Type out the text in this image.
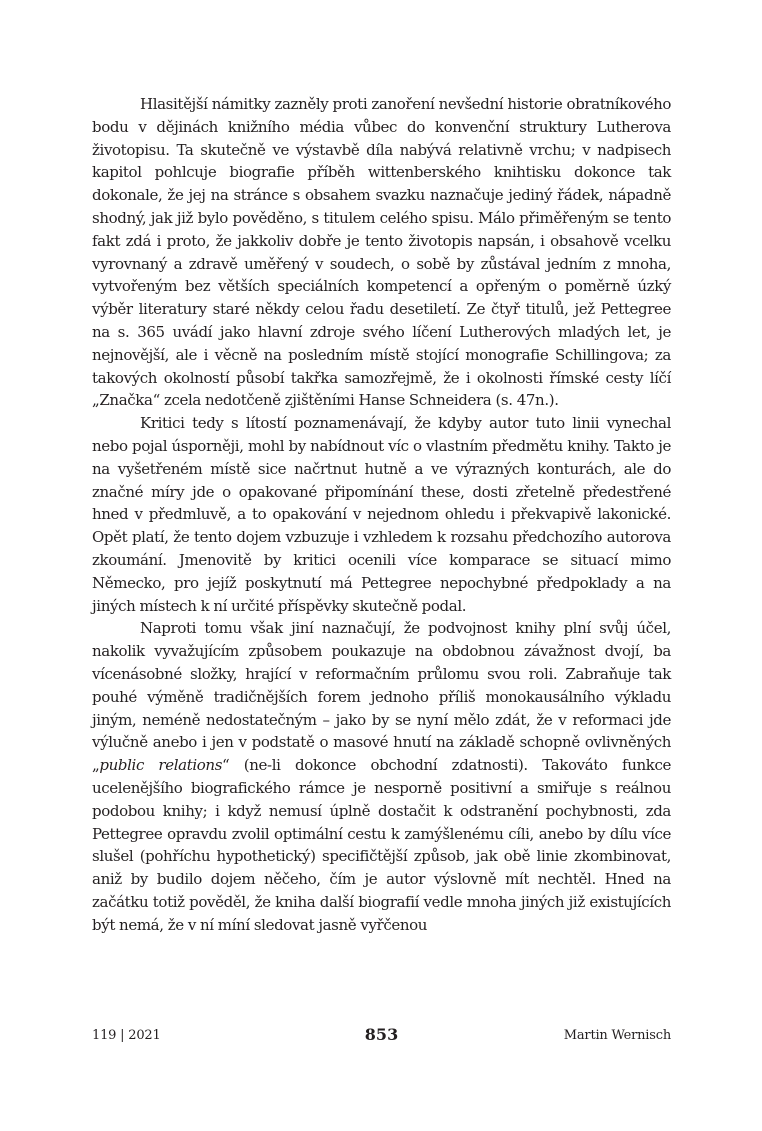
Hlasitější námitky zazněly proti zanoření nevšední historie obratníkového bodu v dějinách knižního média vůbec do konvenční struktury Lutherova životopisu. Ta skutečně ve výstavbě díla nabývá relativně vrchu; v nadpisech kapitol pohlcuje biografie příběh wittenberského knihtisku dokonce tak dokonale, že jej na stránce s obsahem svazku naznačuje jediný řádek, nápadně shodný, jak již bylo pověděno, s titulem celého spisu. Málo přiměřeným se tento fakt zdá i proto, že jakkoliv dobře je tento životopis napsán, i obsahově vcelku vyrovnaný a zdravě uměřený v soudech, o sobě by zůstával jedním z mnoha, vytvořeným bez větších speciálních kompetencí a opřeným o poměrně úzký výběr literatury staré někdy celou řadu desetiletí. Ze čtyř titulů, jež Pettegree na s. 365 uvádí jako hlavní zdroje svého líčení Lutherových mladých let, je nejnovější, ale i věcně na posledním místě stojící monografie Schillingova; za takových okolností působí takřka samozřejmě, že i okolnosti římské cesty líčí „Značka“ zcela nedotčeně zjištěními Hanse Schneidera (s. 47n.).

Kritici tedy s lítostí poznamenávají, že kdyby autor tuto linii vynechal nebo pojal úsporněji, mohl by nabídnout víc o vlastním předmětu knihy. Takto je na vyšetřeném místě sice načrtnut hutně a ve výrazných konturách, ale do značné míry jde o opakované připomínání these, dosti zřetelně předestřené hned v předmluvě, a to opakování v nejednom ohledu i překvapivě lakonické. Opět platí, že tento dojem vzbuzuje i vzhledem k rozsahu předchozího autorova zkoumání. Jmenovitě by kritici ocenili více komparace se situací mimo Německo, pro jejíž poskytnutí má Pettegree nepochybné předpoklady a na jiných místech k ní určité příspěvky skutečně podal.

Naproti tomu však jiní naznačují, že podvojnost knihy plní svůj účel, nakolik vyvažujícím způsobem poukazuje na obdobnou závažnost dvojí, ba vícenásobné složky, hrající v reformačním průlomu svou roli. Zabraňuje tak pouhé výměně tradičnějších forem jednoho příliš monokausálního výkladu jiným, neméně nedostatečným – jako by se nyní mělo zdát, že v reformaci jde výlučně anebo i jen v podstatě o masové hnutí na základě schopně ovlivněných „public relations“ (ne-li dokonce obchodní zdatnosti). Takováto funkce ucelenějšího biografického rámce je nesporně positivní a smiřuje s reálnou podobou knihy; i když nemusí úplně dostačit k odstranění pochybnosti, zda Pettegree opravdu zvolil optimální cestu k zamýšlenému cíli, anebo by dílu více slušel (pohříchu hypothetický) specifičtější způsob, jak obě linie zkombinovat, aniž by budilo dojem něčeho, čím je autor výslovně mít nechtěl. Hned na začátku totiž pověděl, že kniha další biografií vedle mnoha jiných již existujících být nemá, že v ní míní sledovat jasně vyřčenou

119 | 2021	853	Martin Wernisch
